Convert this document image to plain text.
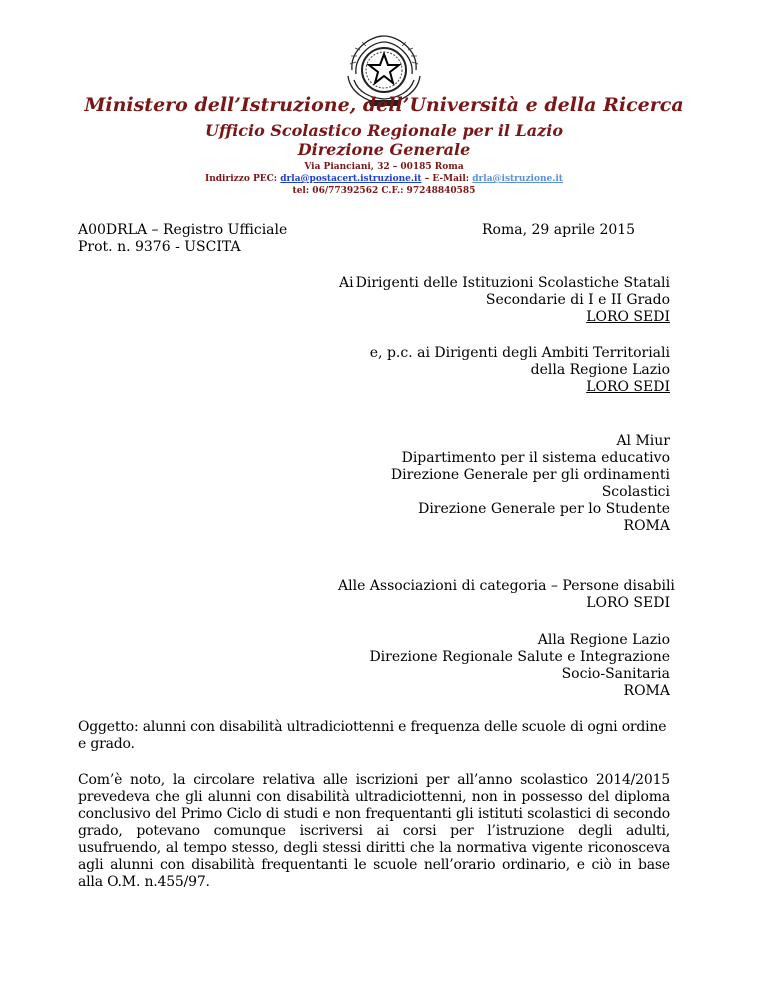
Ministero dell’Istruzione, dell’Università e della Ricerca
Ufficio Scolastico Regionale per il Lazio
Direzione Generale
Via Pianciani, 32 – 00185 Roma
Indirizzo PEC: drla@postacert.istruzione.it – E-Mail: drla@istruzione.it
tel: 06/77392562 C.F.: 97248840585
A00DRLA – Registro Ufficiale
Prot. n. 9376 - USCITA
Roma, 29 aprile 2015
Ai Dirigenti delle Istituzioni Scolastiche Statali
Secondarie di I e II Grado
LORO SEDI
e, p.c. ai Dirigenti degli Ambiti Territoriali
della Regione Lazio
LORO SEDI
Al Miur
Dipartimento per il sistema educativo
Direzione Generale per gli ordinamenti
Scolastici
Direzione Generale per lo Studente
ROMA
Alle Associazioni di categoria – Persone disabili
LORO SEDI
Alla Regione Lazio
Direzione Regionale Salute e Integrazione
Socio-Sanitaria
ROMA
Oggetto: alunni con disabilità ultradiciottenni e frequenza delle scuole di ogni ordine e grado.
Com’è noto, la circolare relativa alle iscrizioni per all’anno scolastico 2014/2015 prevedeva che gli alunni con disabilità ultradiciottenni, non in possesso del diploma conclusivo del Primo Ciclo di studi e non frequentanti gli istituti scolastici di secondo grado, potevano comunque iscriversi ai corsi per l’istruzione degli adulti, usufruendo, al tempo stesso, degli stessi diritti che la normativa vigente riconosceva agli alunni con disabilità frequentanti le scuole nell’orario ordinario, e ciò in base alla O.M. n.455/97.
